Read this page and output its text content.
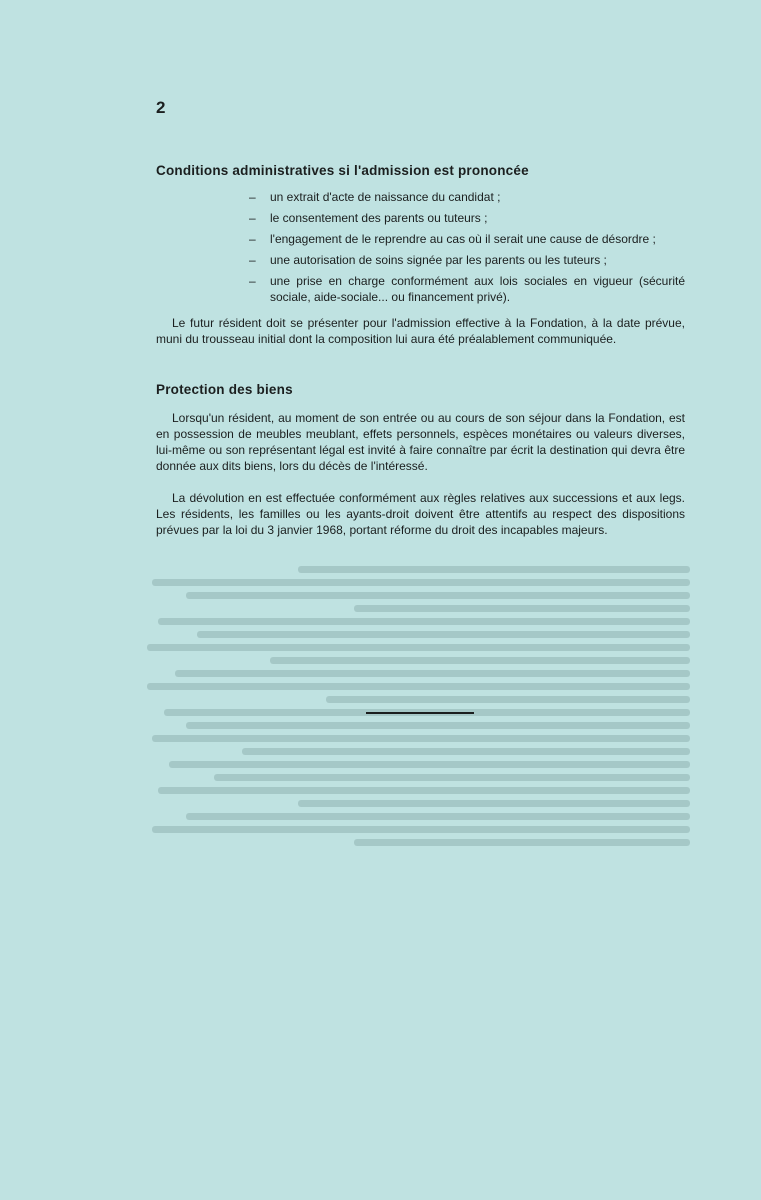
2
Conditions administratives si l'admission est prononcée
– un extrait d'acte de naissance du candidat ;
– le consentement des parents ou tuteurs ;
– l'engagement de le reprendre au cas où il serait une cause de désordre ;
– une autorisation de soins signée par les parents ou les tuteurs ;
– une prise en charge conformément aux lois sociales en vigueur (sécurité sociale, aide-sociale... ou financement privé).
Le futur résident doit se présenter pour l'admission effective à la Fondation, à la date prévue, muni du trousseau initial dont la composition lui aura été préalablement communiquée.
Protection des biens
Lorsqu'un résident, au moment de son entrée ou au cours de son séjour dans la Fondation, est en possession de meubles meublant, effets personnels, espèces monétaires ou valeurs diverses, lui-même ou son représentant légal est invité à faire connaître par écrit la destination qui devra être donnée aux dits biens, lors du décès de l'intéressé.
La dévolution en est effectuée conformément aux règles relatives aux successions et aux legs. Les résidents, les familles ou les ayants-droit doivent être attentifs au respect des dispositions prévues par la loi du 3 janvier 1968, portant réforme du droit des incapables majeurs.
